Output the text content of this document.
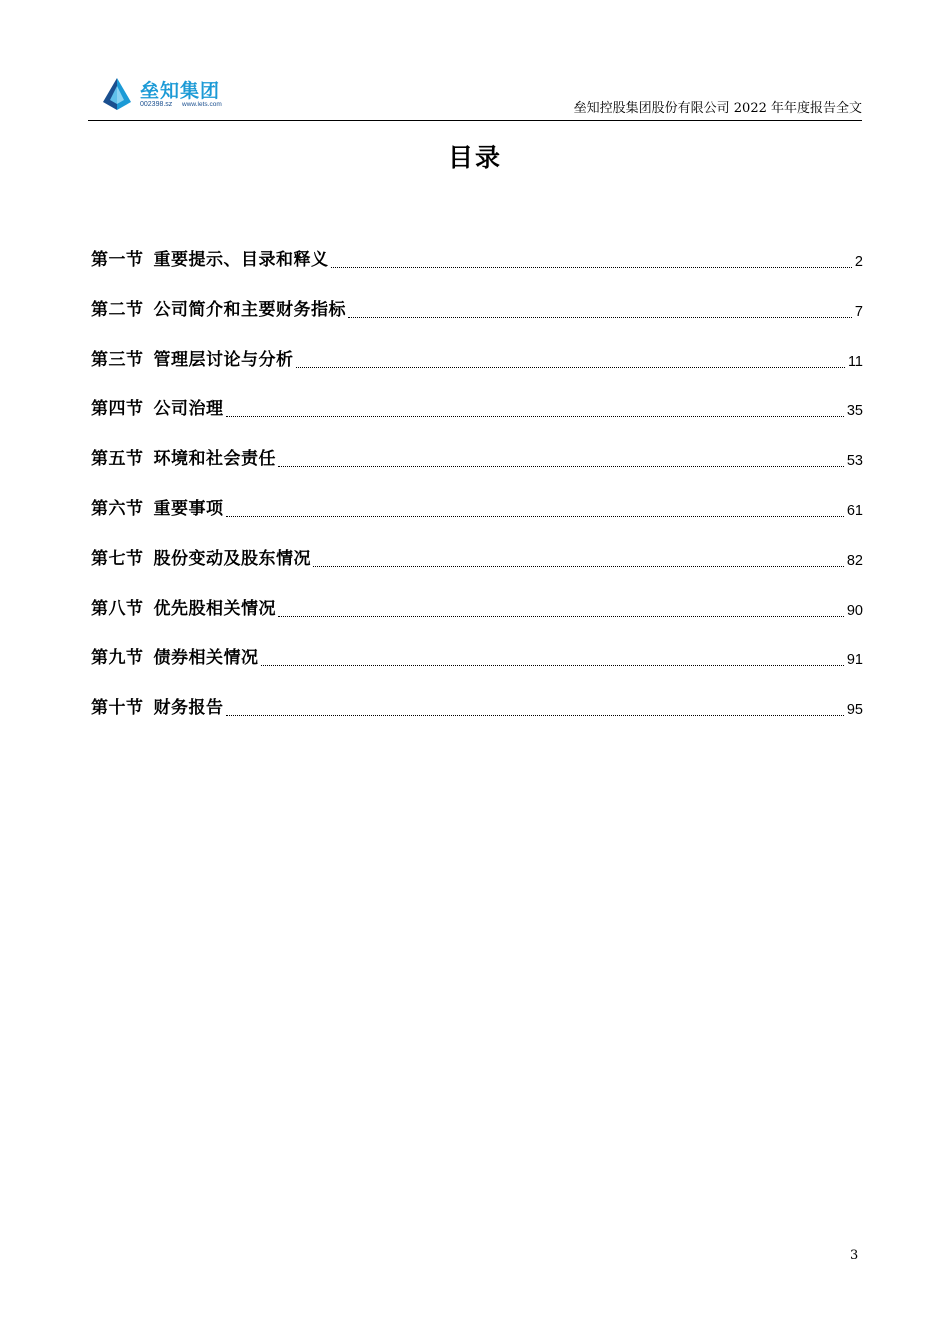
垒知集团
002398.sz www.lets.com	垒知控股集团股份有限公司 2022 年年度报告全文
目录
第一节 重要提示、目录和释义	2
第二节 公司简介和主要财务指标	7
第三节 管理层讨论与分析	11
第四节 公司治理	35
第五节 环境和社会责任	53
第六节 重要事项	61
第七节 股份变动及股东情况	82
第八节 优先股相关情况	90
第九节 债券相关情况	91
第十节 财务报告	95
3
